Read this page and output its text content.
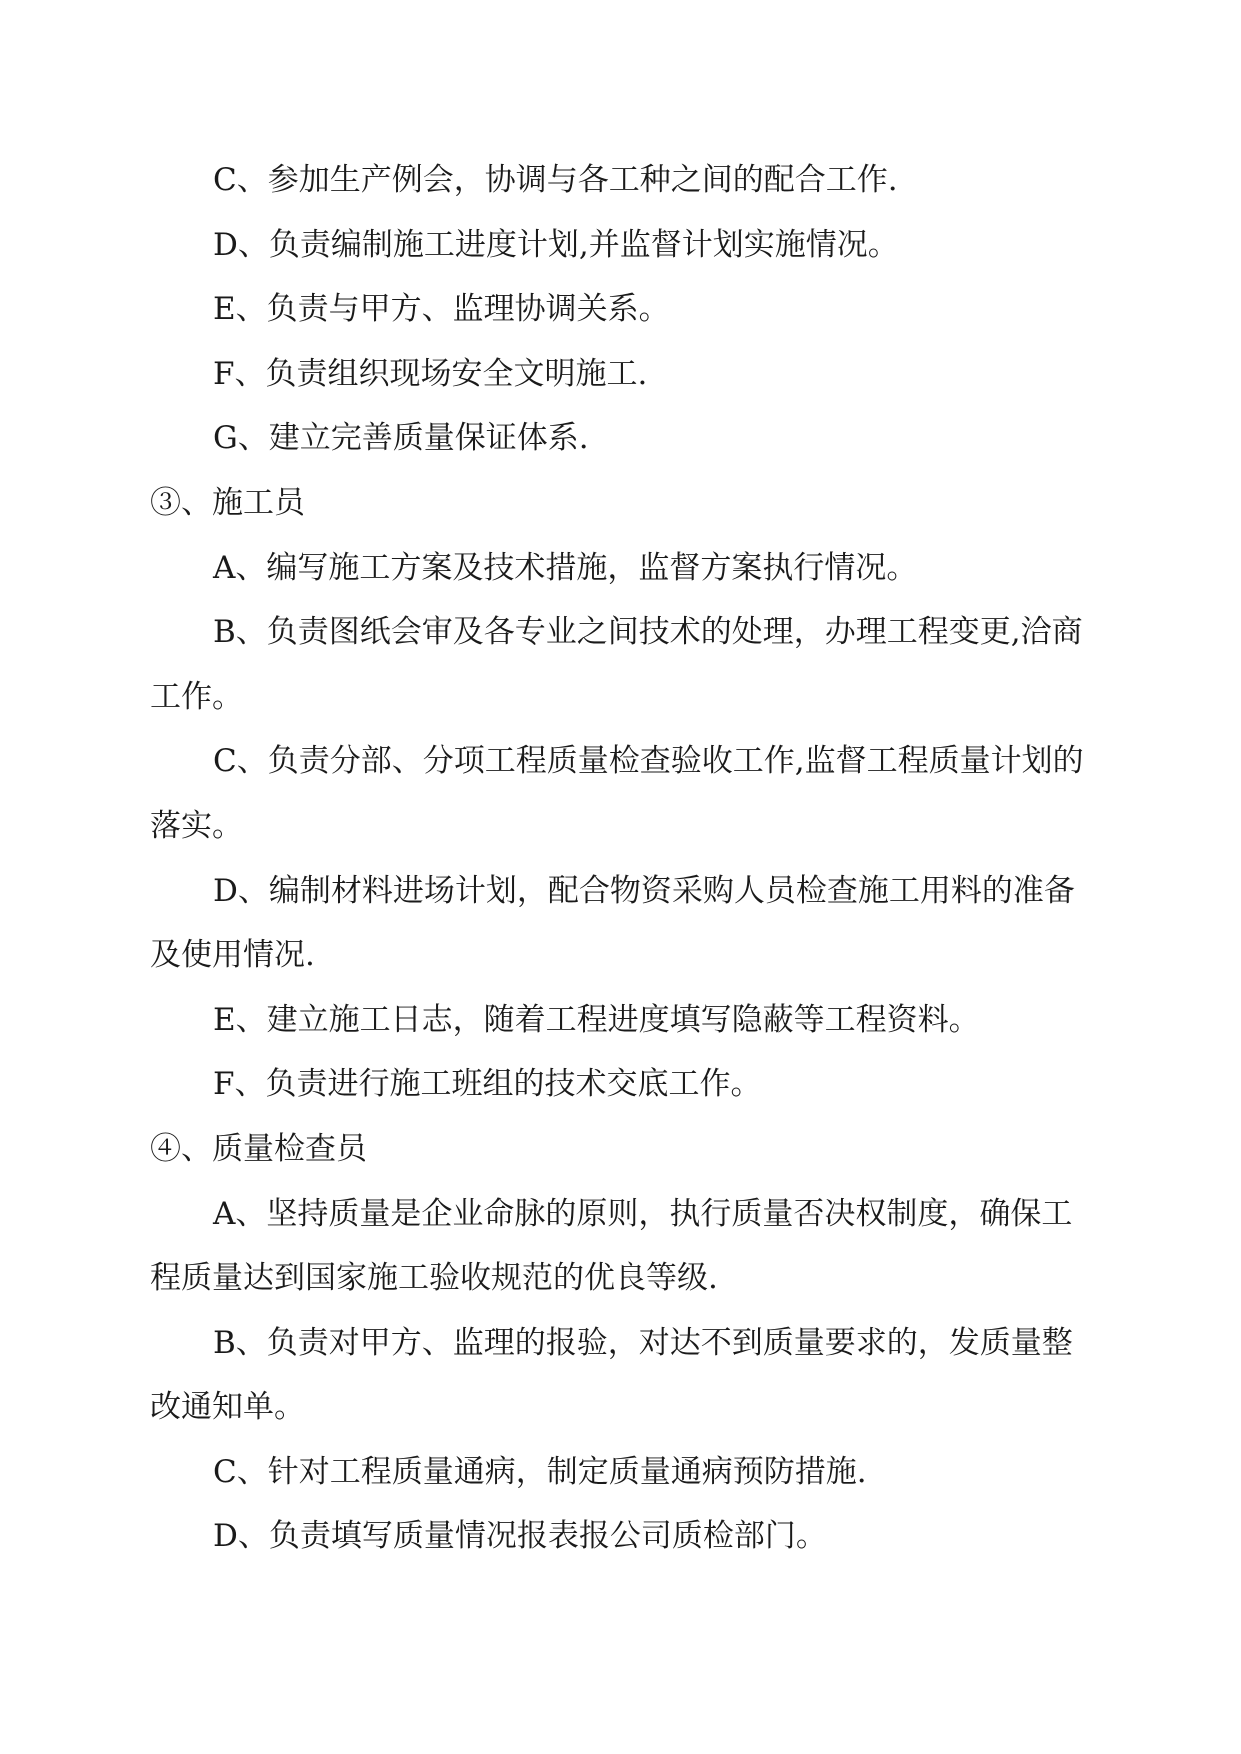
C、参加生产例会，协调与各工种之间的配合工作.

D、负责编制施工进度计划,并监督计划实施情况。

E、负责与甲方、监理协调关系。

F、负责组织现场安全文明施工.

G、建立完善质量保证体系.

③、施工员

A、编写施工方案及技术措施，监督方案执行情况。

B、负责图纸会审及各专业之间技术的处理，办理工程变更,洽商工作。

C、负责分部、分项工程质量检查验收工作,监督工程质量计划的落实。

D、编制材料进场计划，配合物资采购人员检查施工用料的准备及使用情况.

E、建立施工日志，随着工程进度填写隐蔽等工程资料。

F、负责进行施工班组的技术交底工作。

④、质量检查员

A、坚持质量是企业命脉的原则，执行质量否决权制度，确保工程质量达到国家施工验收规范的优良等级.

B、负责对甲方、监理的报验，对达不到质量要求的，发质量整改通知单。

C、针对工程质量通病，制定质量通病预防措施.

D、负责填写质量情况报表报公司质检部门。
